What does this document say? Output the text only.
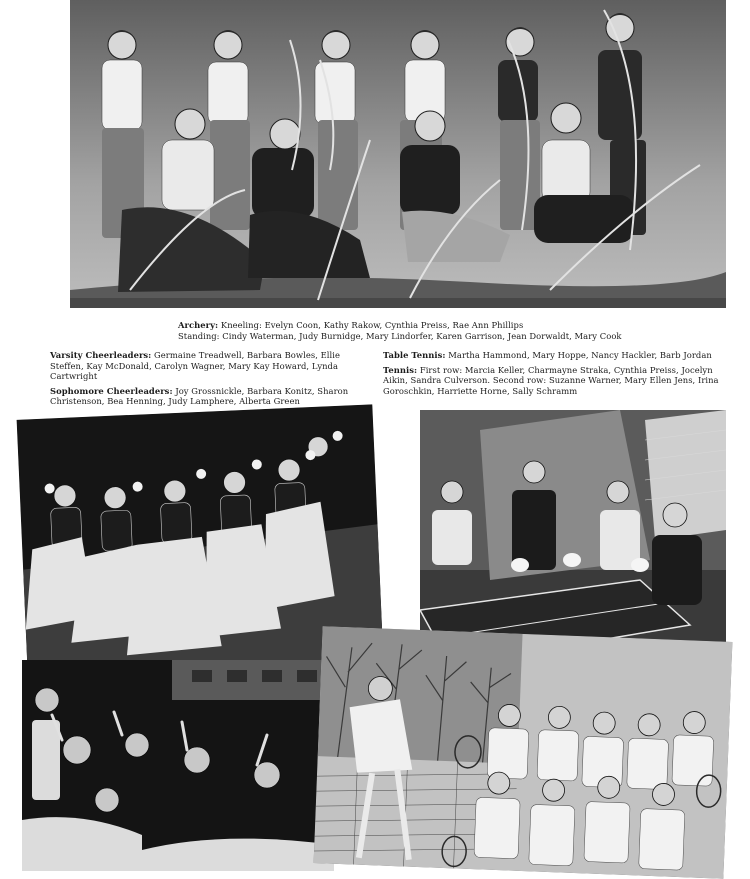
Archery: Kneeling: Evelyn Coon, Kathy Rakow, Cynthia Preiss, Rae Ann Phillips
Standing: Cindy Waterman, Judy Burnidge, Mary Lindorfer, Karen Garrison, Jean Dorwaldt, Mary Cook
Varsity Cheerleaders: Germaine Treadwell, Barbara Bowles, Ellie Steffen, Kay McDonald, Carolyn Wagner, Mary Kay Howard, Lynda Cartwright
Sophomore Cheerleaders: Joy Grossnickle, Barbara Konitz, Sharon Christenson, Bea Henning, Judy Lamphere, Alberta Green
Table Tennis: Martha Hammond, Mary Hoppe, Nancy Hackler, Barb Jordan
Tennis: First row: Marcia Keller, Charmayne Straka, Cynthia Preiss, Jocelyn Aikin, Sandra Culverson. Second row: Suzanne Warner, Mary Ellen Jens, Irina Goroschkin, Harriette Horne, Sally Schramm
